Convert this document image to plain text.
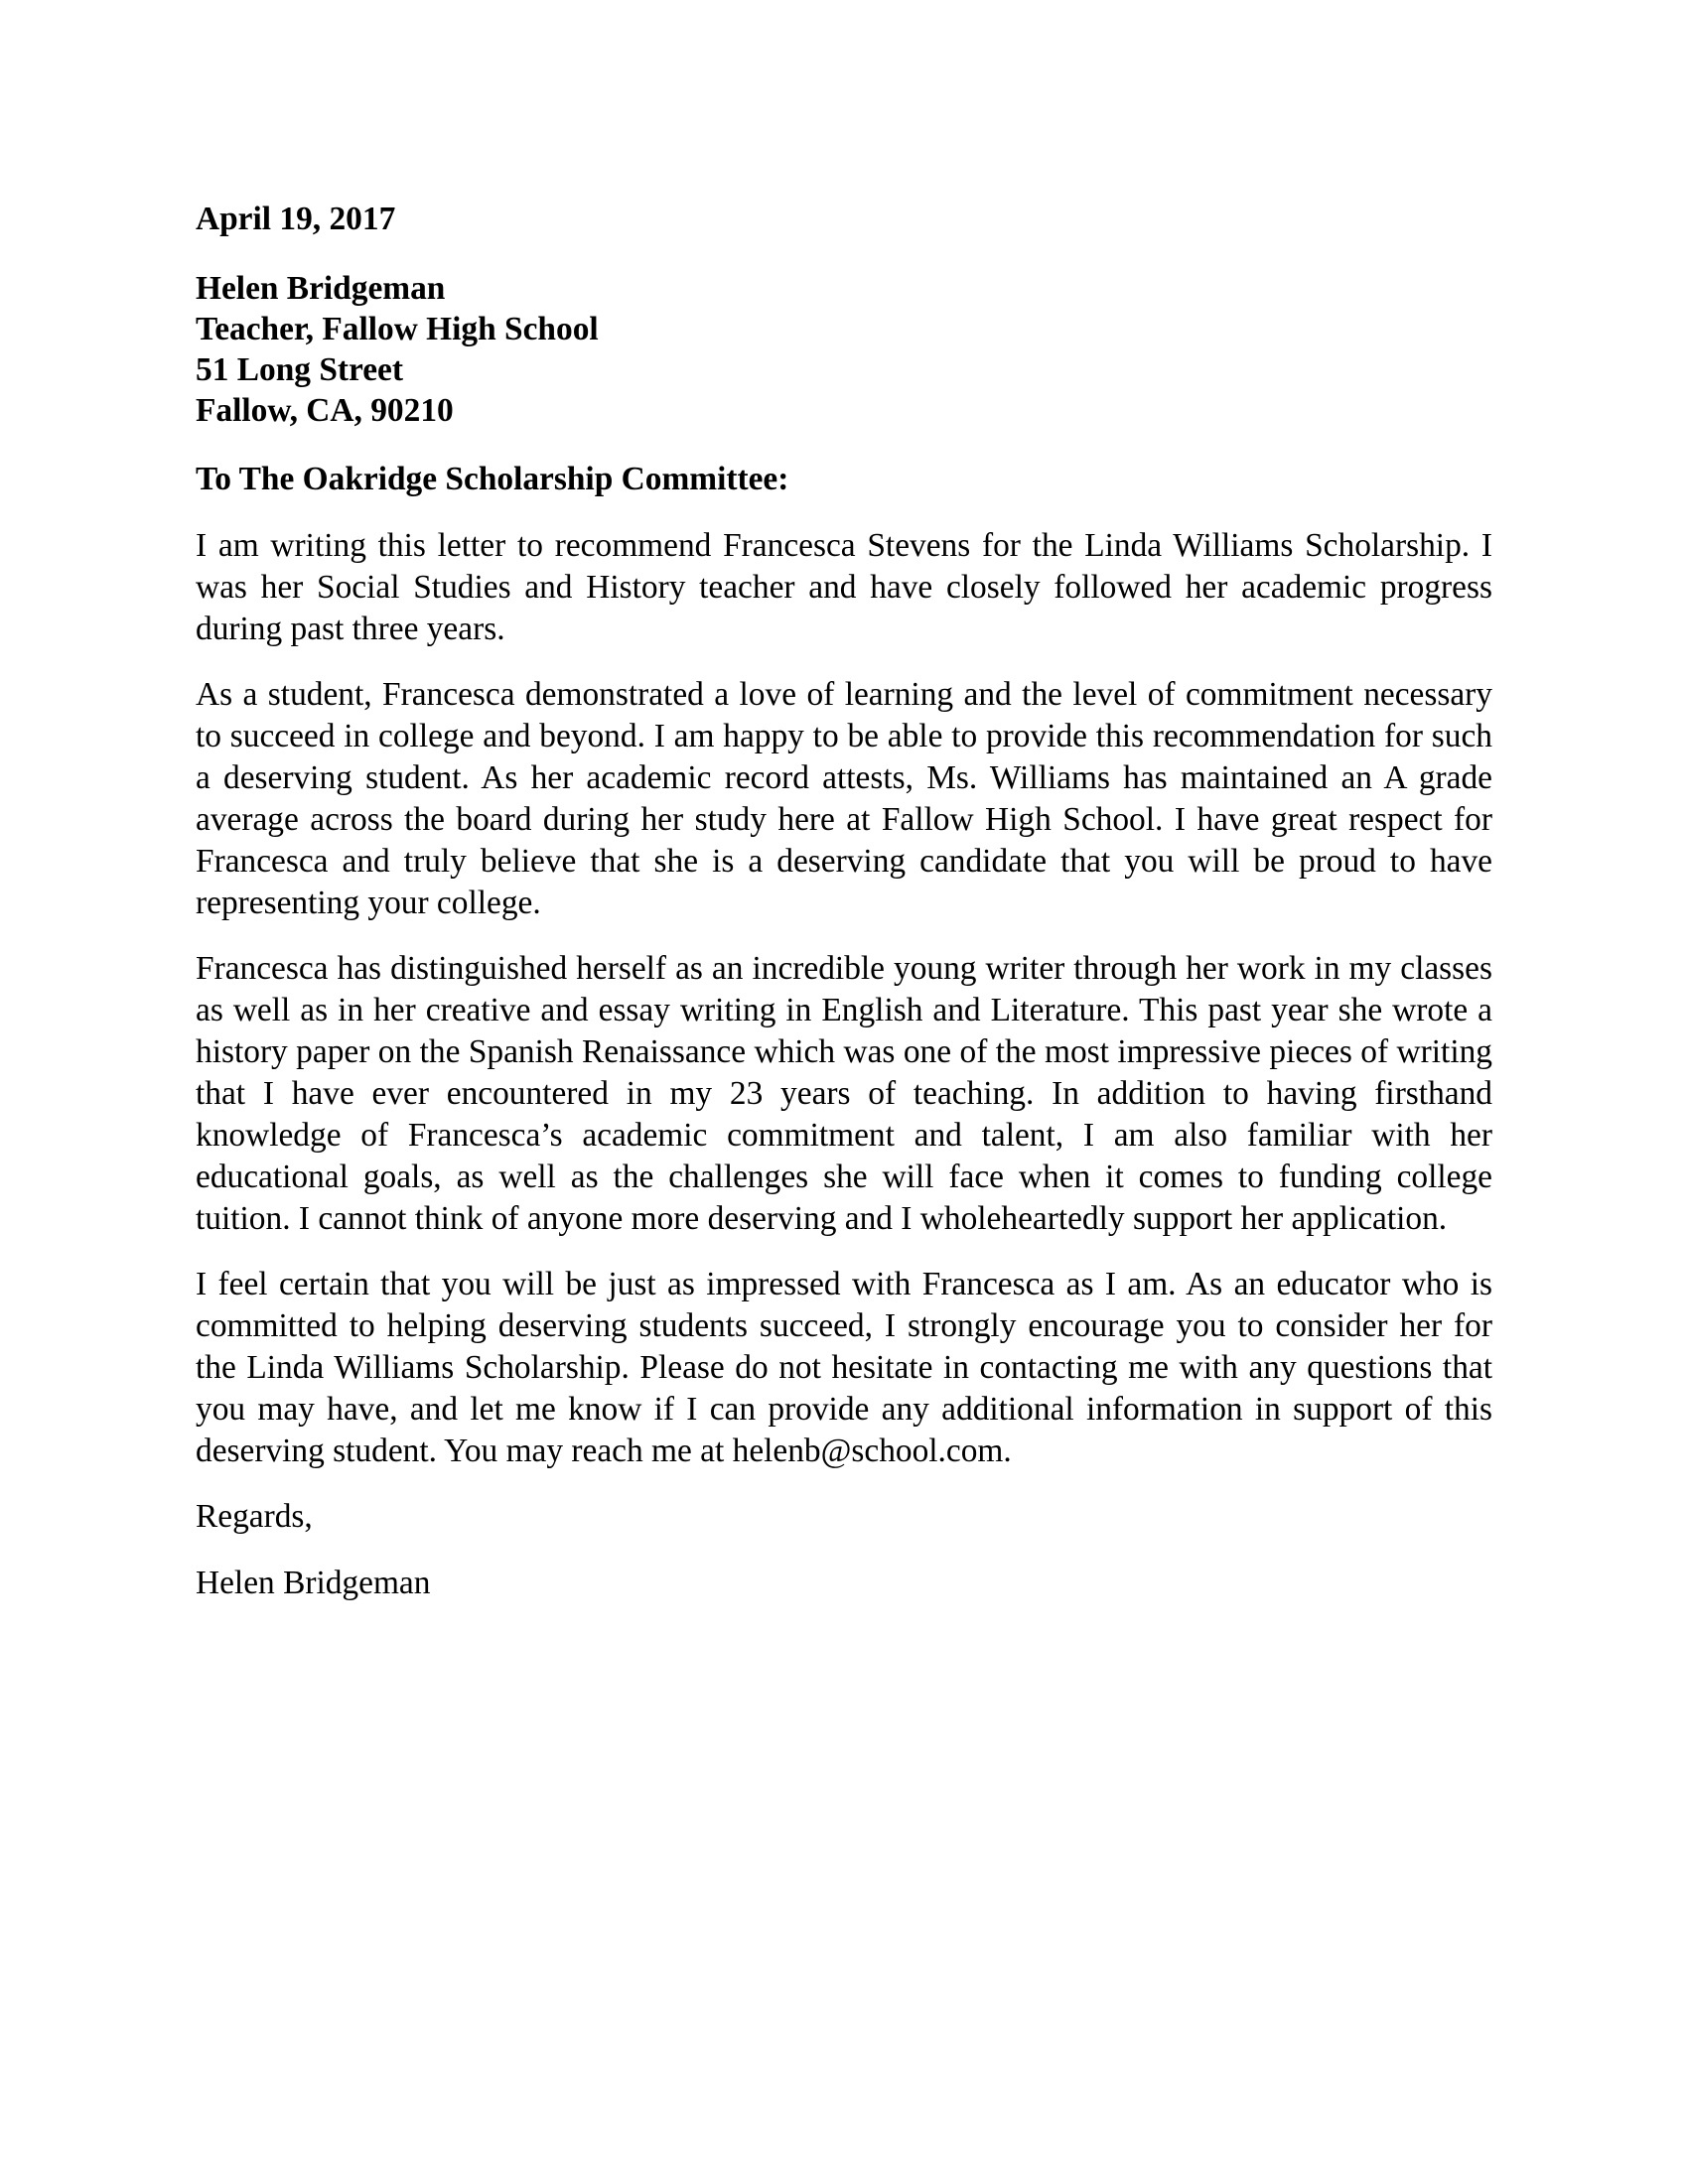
April 19, 2017

Helen Bridgeman

Teacher, Fallow High School

51 Long Street

Fallow, CA, 90210

To The Oakridge Scholarship Committee:

I am writing this letter to recommend Francesca Stevens for the Linda Williams Scholarship. I was her Social Studies and History teacher and have closely followed her academic progress during past three years.

As a student, Francesca demonstrated a love of learning and the level of commitment necessary to succeed in college and beyond. I am happy to be able to provide this recommendation for such a deserving student. As her academic record attests, Ms. Williams has maintained an A grade average across the board during her study here at Fallow High School. I have great respect for Francesca and truly believe that she is a deserving candidate that you will be proud to have representing your college.

Francesca has distinguished herself as an incredible young writer through her work in my classes as well as in her creative and essay writing in English and Literature. This past year she wrote a history paper on the Spanish Renaissance which was one of the most impressive pieces of writing that I have ever encountered in my 23 years of teaching. In addition to having firsthand knowledge of Francesca’s academic commitment and talent, I am also familiar with her educational goals, as well as the challenges she will face when it comes to funding college tuition. I cannot think of anyone more deserving and I wholeheartedly support her application.

I feel certain that you will be just as impressed with Francesca as I am. As an educator who is committed to helping deserving students succeed, I strongly encourage you to consider her for the Linda Williams Scholarship. Please do not hesitate in contacting me with any questions that you may have, and let me know if I can provide any additional information in support of this deserving student. You may reach me at helenb@school.com.

Regards,

Helen Bridgeman
